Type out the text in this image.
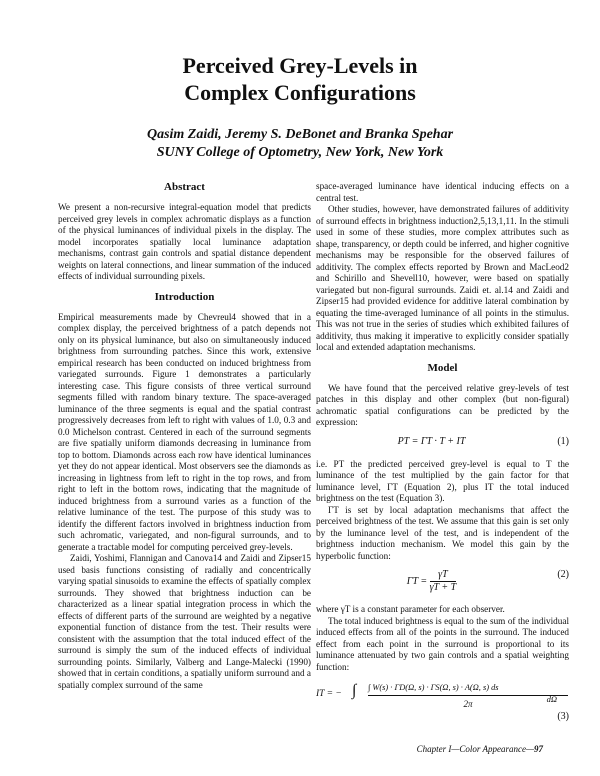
Perceived Grey-Levels in
Complex Configurations
Qasim Zaidi, Jeremy S. DeBonet and Branka Spehar
SUNY College of Optometry, New York, New York
Abstract

We present a non-recursive integral-equation model that predicts perceived grey levels in complex achromatic displays as a function of the physical luminances of individual pixels in the display. The model incorporates spatially local luminance adaptation mechanisms, contrast gain controls and spatial distance dependent weights on lateral connections, and linear summation of the induced effects of individual surrounding pixels.

Introduction

Empirical measurements made by Chevreul4 showed that in a complex display, the perceived brightness of a patch depends not only on its physical luminance, but also on simultaneously induced brightness from surrounding patches. Since this work, extensive empirical research has been conducted on induced brightness from variegated surrounds. Figure 1 demonstrates a particularly interesting case. This figure consists of three vertical surround segments filled with random binary texture. The space-averaged luminance of the three segments is equal and the spatial contrast progressively decreases from left to right with values of 1.0, 0.3 and 0.0 Michelson contrast. Centered in each of the surround segments are five spatially uniform diamonds decreasing in luminance from top to bottom. Diamonds across each row have identical luminances yet they do not appear identical. Most observers see the diamonds as increasing in lightness from left to right in the top rows, and from right to left in the bottom rows, indicating that the magnitude of induced brightness from a surround varies as a function of the relative luminance of the test. The purpose of this study was to identify the different factors involved in brightness induction from such achromatic, variegated, and non-figural surrounds, and to generate a tractable model for computing perceived grey-levels.

Zaidi, Yoshimi, Flannigan and Canova14 and Zaidi and Zipser15 used basis functions consisting of radially and concentrically varying spatial sinusoids to examine the effects of spatially complex surrounds. They showed that brightness induction can be characterized as a linear spatial integration process in which the effects of different parts of the surround are weighted by a negative exponential function of distance from the test. Their results were consistent with the assumption that the total induced effect of the surround is simply the sum of the induced effects of individual surrounding points. Similarly, Valberg and Lange-Malecki (1990) showed that in certain conditions, a spatially uniform surround and a spatially complex surround of the same

space-averaged luminance have identical inducing effects on a central test.

Other studies, however, have demonstrated failures of additivity of surround effects in brightness induction2,5,13,1,11. In the stimuli used in some of these studies, more complex attributes such as shape, transparency, or depth could be inferred, and higher cognitive mechanisms may be responsible for the observed failures of additivity. The complex effects reported by Brown and MacLeod2 and Schirillo and Shevell10, however, were based on spatially variegated but non-figural surrounds. Zaidi et. al.14 and Zaidi and Zipser15 had provided evidence for additive lateral combination by equating the time-averaged luminance of all points in the stimulus. This was not true in the series of studies which exhibited failures of additivity, thus making it imperative to explicitly consider spatially local and extended adaptation mechanisms.

Model

We have found that the perceived relative grey-levels of test patches in this display and other complex (but non-figural) achromatic spatial configurations can be predicted by the expression:

PT = ΓT · T + IT	(1)

i.e. PT the predicted perceived grey-level is equal to T the luminance of the test multiplied by the gain factor for that luminance level, ΓT (Equation 2), plus IT the total induced brightness on the test (Equation 3).

ΓT is set by local adaptation mechanisms that affect the perceived brightness of the test. We assume that this gain is set only by the luminance level of the test, and is independent of the brightness induction mechanism. We model this gain by the hyperbolic function:

$\Gamma T = \frac{\gamma T}{\gamma T + T}$	(2)

where γT is a constant parameter for each observer.

The total induced brightness is equal to the sum of the individual induced effects from all of the points in the surround. The induced effect from each point in the surround is proportional to its luminance attenuated by two gain controls and a spatial weighting function:

IT = − ∫ ∫ W(s) · ΓD(Ω, s) · ΓS(Ω, s) · A(Ω, s) ds
2π
(3)
dΩ
Chapter I—Color Appearance—97
